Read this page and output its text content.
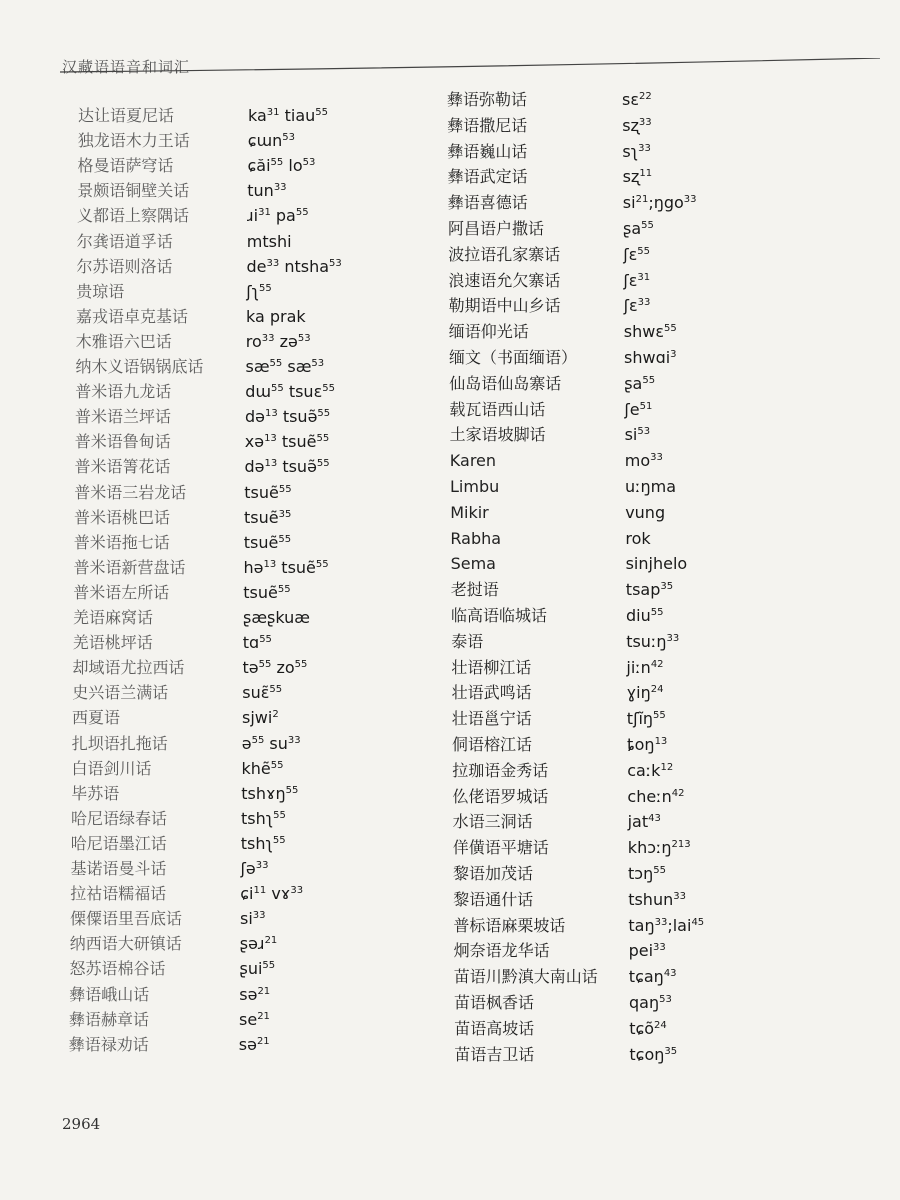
汉藏语语音和词汇
达让语夏尼话	$ka^{31}$ tiau$^{55}$
独龙语木力王话	ɕɯn$^{53}$
格曼语萨穹话	ɕăi$^{55}$ $lo^{53}$
景颇语铜壁关话	tun$^{33}$
义都语上察隅话	ɹi$^{31}$ $pa^{55}$
尔龚语道孚话	mtshi
尔苏语则洛话	$de^{33}$ ntsha$^{53}$
贵琼语	ʃʅ$^{55}$
嘉戎语卓克基话	ka prak
木雅语六巴话	$ro^{33}$ zə$^{53}$
纳木义语锅锅底话	$sæ^{55}$ $sæ^{53}$
普米语九龙话	dɯ$^{55}$ tsuɛ$^{55}$
普米语兰坪话	də$^{13}$ tsuə̃$^{55}$
普米语鲁甸话	xə$^{13}$ tsuẽ$^{55}$
普米语箐花话	də$^{13}$ tsuə̃$^{55}$
普米语三岩龙话	tsuẽ$^{55}$
普米语桃巴话	tsuẽ$^{35}$
普米语拖七话	tsuẽ$^{55}$
普米语新营盘话	hə$^{13}$ tsuẽ$^{55}$
普米语左所话	tsuẽ$^{55}$
羌语麻窝话	ʂæʂkuæ
羌语桃坪话	tɑ$^{55}$
却域语尤拉西话	tə$^{55}$ $zo^{55}$
史兴语兰满话	suɛ̃$^{55}$
西夏语	sjwi$^2$
扎坝语扎拖话	ə$^{55}$ $su^{33}$
白语剑川话	khẽ$^{55}$
毕苏语	tshɤŋ$^{55}$
哈尼语绿春话	tshʅ$^{55}$
哈尼语墨江话	tshʅ$^{55}$
基诺语曼斗话	ʃə$^{33}$
拉祜语糯福话	ɕi$^{11}$ vɤ$^{33}$
傈僳语里吾底话	$si^{33}$
纳西语大研镇话	ʂəɹ$^{21}$
怒苏语棉谷话	ʂui$^{55}$
彝语峨山话	sə$^{21}$
彝语赫章话	$se^{21}$
彝语禄劝话	sə$^{21}$
彝语弥勒话	sɛ$^{22}$
彝语撒尼话	sʐ$^{33}$
彝语巍山话	sʅ$^{33}$
彝语武定话	sʐ$^{11}$
彝语喜德话	$si^{21};ŋgo^{33}$
阿昌语户撒话	ʂa$^{55}$
波拉语孔家寨话	ʃɛ$^{55}$
浪速语允欠寨话	ʃɛ$^{31}$
勒期语中山乡话	ʃɛ$^{33}$
缅语仰光话	shwɛ$^{55}$
缅文（书面缅语）	shwɑi$^3$
仙岛语仙岛寨话	ʂa$^{55}$
载瓦语西山话	ʃe$^{51}$
土家语坡脚话	$si^{53}$
Karen	$mo^{33}$
Limbu	uːŋma
Mikir	vung
Rabha	rok
Sema	sinjhelo
老挝语	tsap$^{35}$
临高语临城话	diu$^{55}$
泰语	tsuːŋ$^{33}$
壮语柳江话	jiːn$^{42}$
壮语武鸣话	ɣiŋ$^{24}$
壮语邕宁话	tʃĩŋ$^{55}$
侗语榕江话	ȶoŋ$^{13}$
拉珈语金秀话	caːk$^{12}$
仫佬语罗城话	cheːn$^{42}$
水语三洞话	jat$^{43}$
佯僙语平塘话	khɔːŋ$^{213}$
黎语加茂话	tɔŋ$^{55}$
黎语通什话	tshun$^{33}$
普标语麻栗坡话	taŋ$^{33}$;lai$^{45}$
炯奈语龙华话	pei$^{33}$
苗语川黔滇大南山话 tɕaŋ$^{43}$
苗语枫香话	qaŋ$^{53}$
苗语高坡话	tɕõ$^{24}$
苗语吉卫话	tɕoŋ$^{35}$
2964
